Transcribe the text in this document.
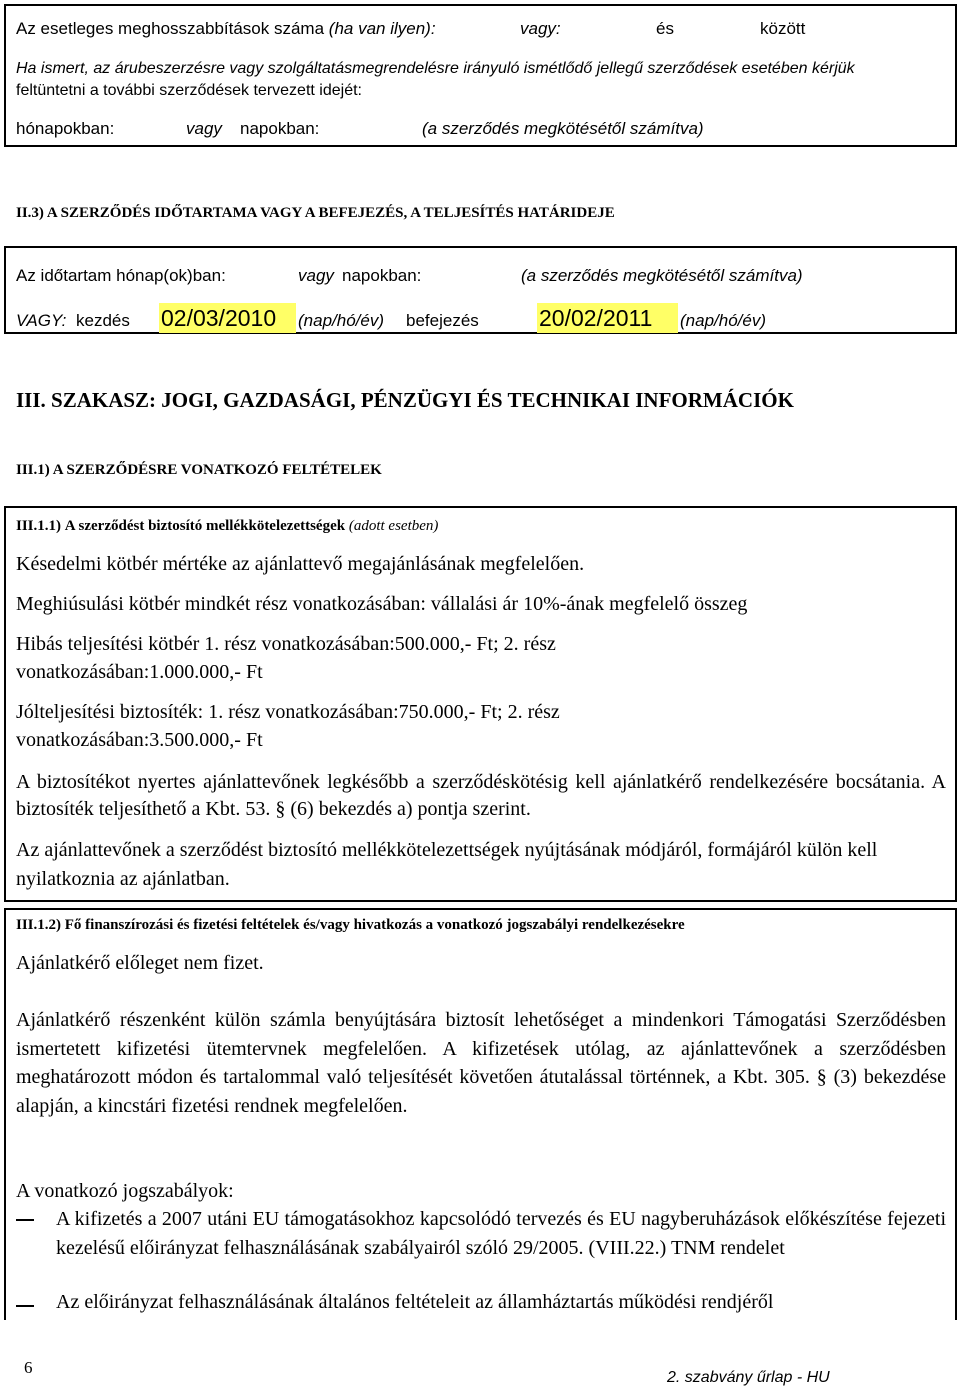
Az esetleges meghosszabbítások száma (ha van ilyen):	vagy:	és	között
Ha ismert, az árubeszerzésre vagy szolgáltatásmegrendelésre irányuló ismétlődő jellegű szerződések esetében kérjük
feltüntetni a további szerződések tervezett idejét:
hónapokban:	vagy napokban:	(a szerződés megkötésétől számítva)
II.3) A SZERZŐDÉS IDŐTARTAMA VAGY A BEFEJEZÉS, A TELJESÍTÉS HATÁRIDEJE
Az időtartam hónap(ok)ban:	vagy napokban:	(a szerződés megkötésétől számítva)
VAGY: kezdés 02/03/2010	(nap/hó/év) befejezés	20/02/2011	(nap/hó/év)
III. SZAKASZ: JOGI, GAZDASÁGI, PÉNZÜGYI ÉS TECHNIKAI INFORMÁCIÓK
III.1) A SZERZŐDÉSRE VONATKOZÓ FELTÉTELEK
III.1.1) A szerződést biztosító mellékkötelezettségek (adott esetben)
Késedelmi kötbér mértéke az ajánlattevő megajánlásának megfelelően.
Meghiúsulási kötbér mindkét rész vonatkozásában: vállalási ár 10%-ának megfelelő összeg
Hibás teljesítési kötbér 1. rész vonatkozásában:500.000,- Ft; 2. rész
vonatkozásában:1.000.000,- Ft
Jólteljesítési biztosíték: 1. rész vonatkozásában:750.000,- Ft; 2. rész
vonatkozásában:3.500.000,- Ft
A biztosítékot nyertes ajánlattevőnek legkésőbb a szerződéskötésig kell ajánlatkérő rendelkezésére bocsátania. A biztosíték teljesíthető a Kbt. 53. § (6) bekezdés a) pontja szerint.
Az ajánlattevőnek a szerződést biztosító mellékkötelezettségek nyújtásának módjáról, formájáról külön kell nyilatkoznia az ajánlatban.
III.1.2) Fő finanszírozási és fizetési feltételek és/vagy hivatkozás a vonatkozó jogszabályi rendelkezésekre
Ajánlatkérő előleget nem fizet.
Ajánlatkérő részenként külön számla benyújtására biztosít lehetőséget a mindenkori Támogatási Szerződésben ismertetett kifizetési ütemtervnek megfelelően. A kifizetések utólag, az ajánlattevőnek a szerződésben meghatározott módon és tartalommal való teljesítését követően átutalással történnek, a Kbt. 305. § (3) bekezdése alapján, a kincstári fizetési rendnek megfelelően.
A vonatkozó jogszabályok:
A kifizetés a 2007 utáni EU támogatásokhoz kapcsolódó tervezés és EU nagyberuházások előkészítése fejezeti kezelésű előirányzat felhasználásának szabályairól szóló 29/2005. (VIII.22.) TNM rendelet
Az előirányzat felhasználásának általános feltételeit az államháztartás működési rendjéről
6
2. szabvány űrlap - HU
